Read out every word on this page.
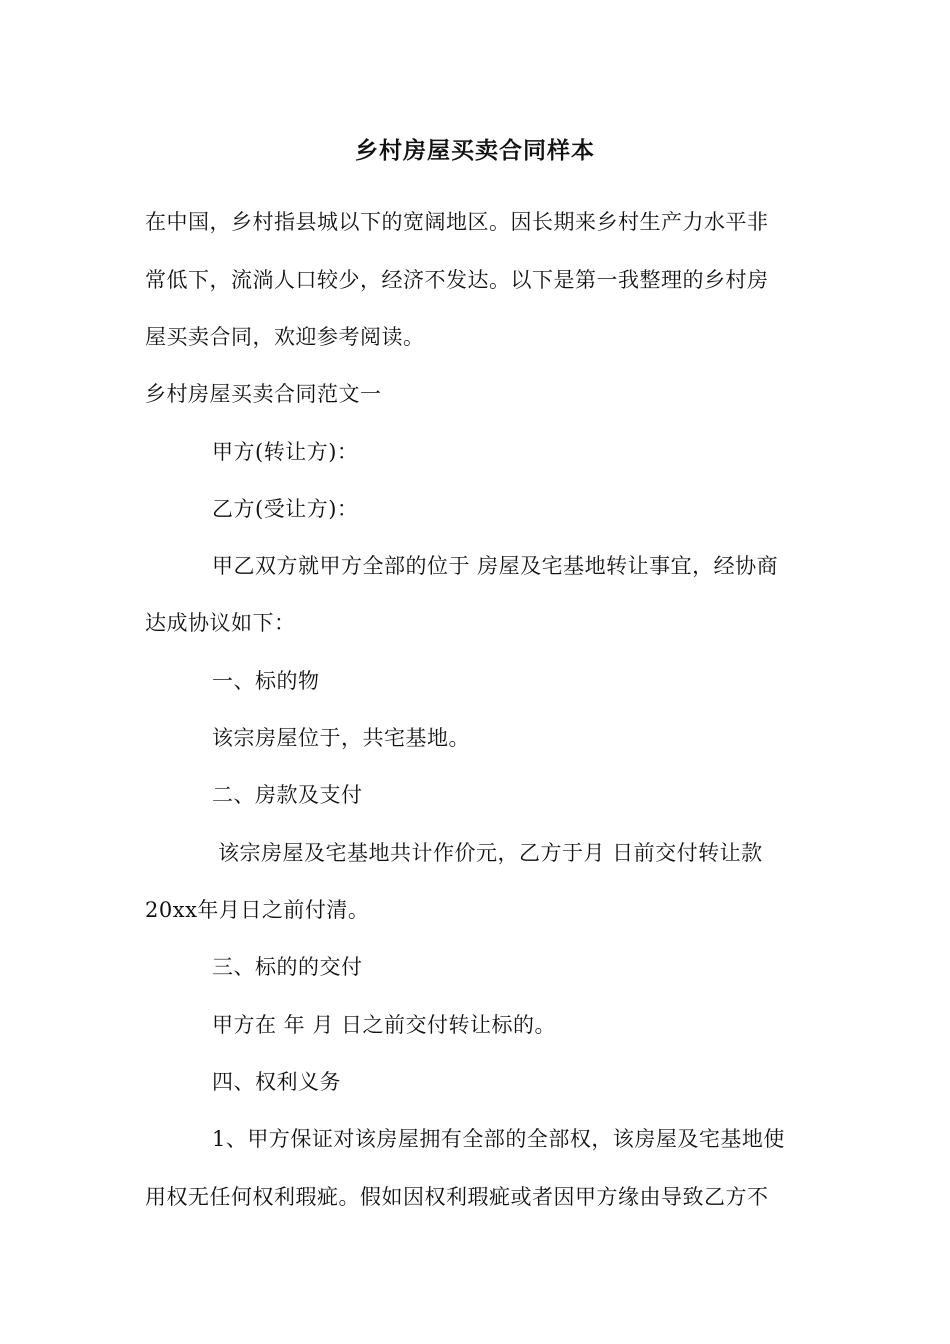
乡村房屋买卖合同样本
在中国，乡村指县城以下的宽阔地区。因长期来乡村生产力水平非
常低下，流淌人口较少，经济不发达。以下是第一我整理的乡村房
屋买卖合同，欢迎参考阅读。
乡村房屋买卖合同范文一
甲方(转让方)：
乙方(受让方)：
甲乙双方就甲方全部的位于 房屋及宅基地转让事宜，经协商
达成协议如下：
一、标的物
该宗房屋位于，共宅基地。
二、房款及支付
该宗房屋及宅基地共计作价元，乙方于月 日前交付转让款
20xx年月日之前付清。
三、标的的交付
甲方在 年 月 日之前交付转让标的。
四、权利义务
1、甲方保证对该房屋拥有全部的全部权，该房屋及宅基地使
用权无任何权利瑕疵。假如因权利瑕疵或者因甲方缘由导致乙方不
